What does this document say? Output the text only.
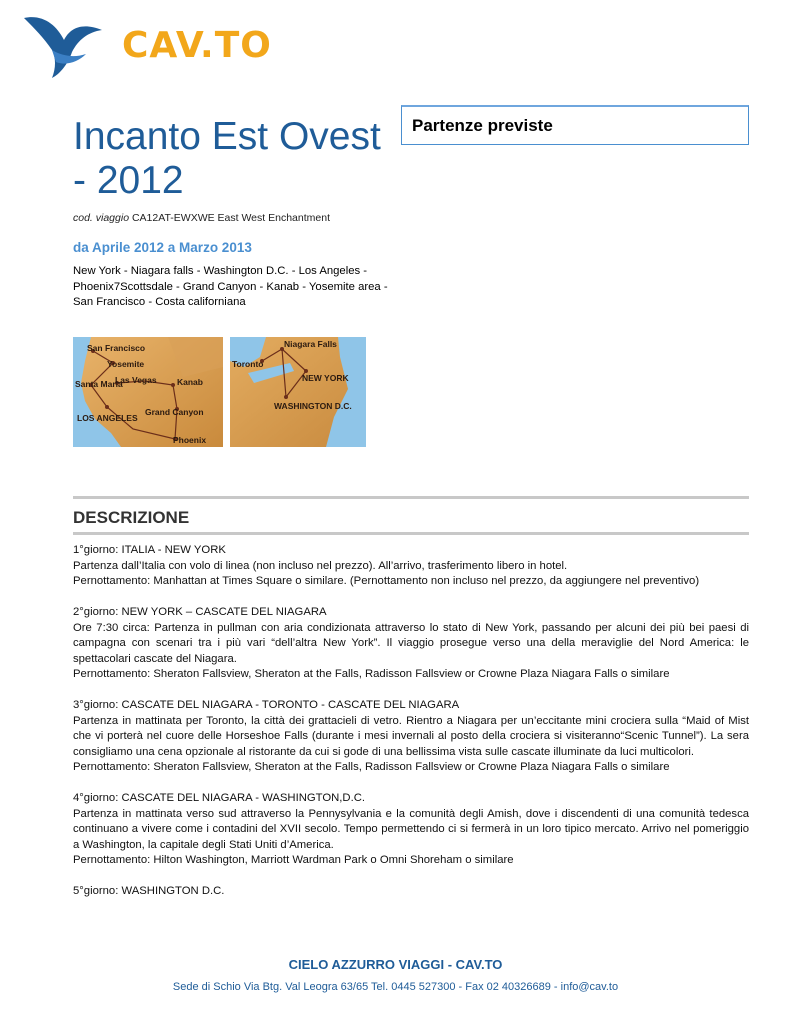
CAV.TO
Incanto Est Ovest - 2012
Partenze previste
cod. viaggio CA12AT-EWXWE East West Enchantment
da Aprile 2012 a Marzo 2013
New York - Niagara falls - Washington D.C. - Los Angeles - Phoenix7Scottsdale - Grand Canyon - Kanab - Yosemite area - San Francisco - Costa californiana
San Francisco
Yosemite
Santa Maria
Las Vegas Kanab
Grand Canyon
LOS ANGELES
Phoenix
Niagara Falls
Toronto
NEW YORK
WASHINGTON D.C.
DESCRIZIONE
1°giorno: ITALIA - NEW YORK

Partenza dall’Italia con volo di linea (non incluso nel prezzo). All’arrivo, trasferimento libero in hotel.

Pernottamento: Manhattan at Times Square o similare. (Pernottamento non incluso nel prezzo, da aggiungere nel preventivo)

2°giorno: NEW YORK – CASCATE DEL NIAGARA

Ore 7:30 circa: Partenza in pullman con aria condizionata attraverso lo stato di New York, passando per alcuni dei più bei paesi di campagna con scenari tra i più vari “dell’altra New York”. Il viaggio prosegue verso una della meraviglie del Nord America: le spettacolari cascate del Niagara.

Pernottamento: Sheraton Fallsview, Sheraton at the Falls, Radisson Fallsview or Crowne Plaza Niagara Falls o similare

3°giorno: CASCATE DEL NIAGARA - TORONTO - CASCATE DEL NIAGARA

Partenza in mattinata per Toronto, la città dei grattacieli di vetro. Rientro a Niagara per un’eccitante mini crociera sulla “Maid of Mist che vi porterà nel cuore delle Horseshoe Falls (durante i mesi invernali al posto della crociera si visiteranno“Scenic Tunnel”). La sera consigliamo una cena opzionale al ristorante da cui si gode di una bellissima vista sulle cascate illuminate da luci multicolori.

Pernottamento: Sheraton Fallsview, Sheraton at the Falls, Radisson Fallsview or Crowne Plaza Niagara Falls o similare

4°giorno: CASCATE DEL NIAGARA - WASHINGTON,D.C.

Partenza in mattinata verso sud attraverso la Pennysylvania e la comunità degli Amish, dove i discendenti di una comunità tedesca continuano a vivere come i contadini del XVII secolo. Tempo permettendo ci si fermerà in un loro tipico mercato. Arrivo nel pomeriggio a Washington, la capitale degli Stati Uniti d’America.

Pernottamento: Hilton Washington, Marriott Wardman Park o Omni Shoreham o similare

5°giorno: WASHINGTON D.C.
CIELO AZZURRO VIAGGI - CAV.TO
Sede di Schio Via Btg. Val Leogra 63/65 Tel. 0445 527300 - Fax 02 40326689 - info@cav.to
